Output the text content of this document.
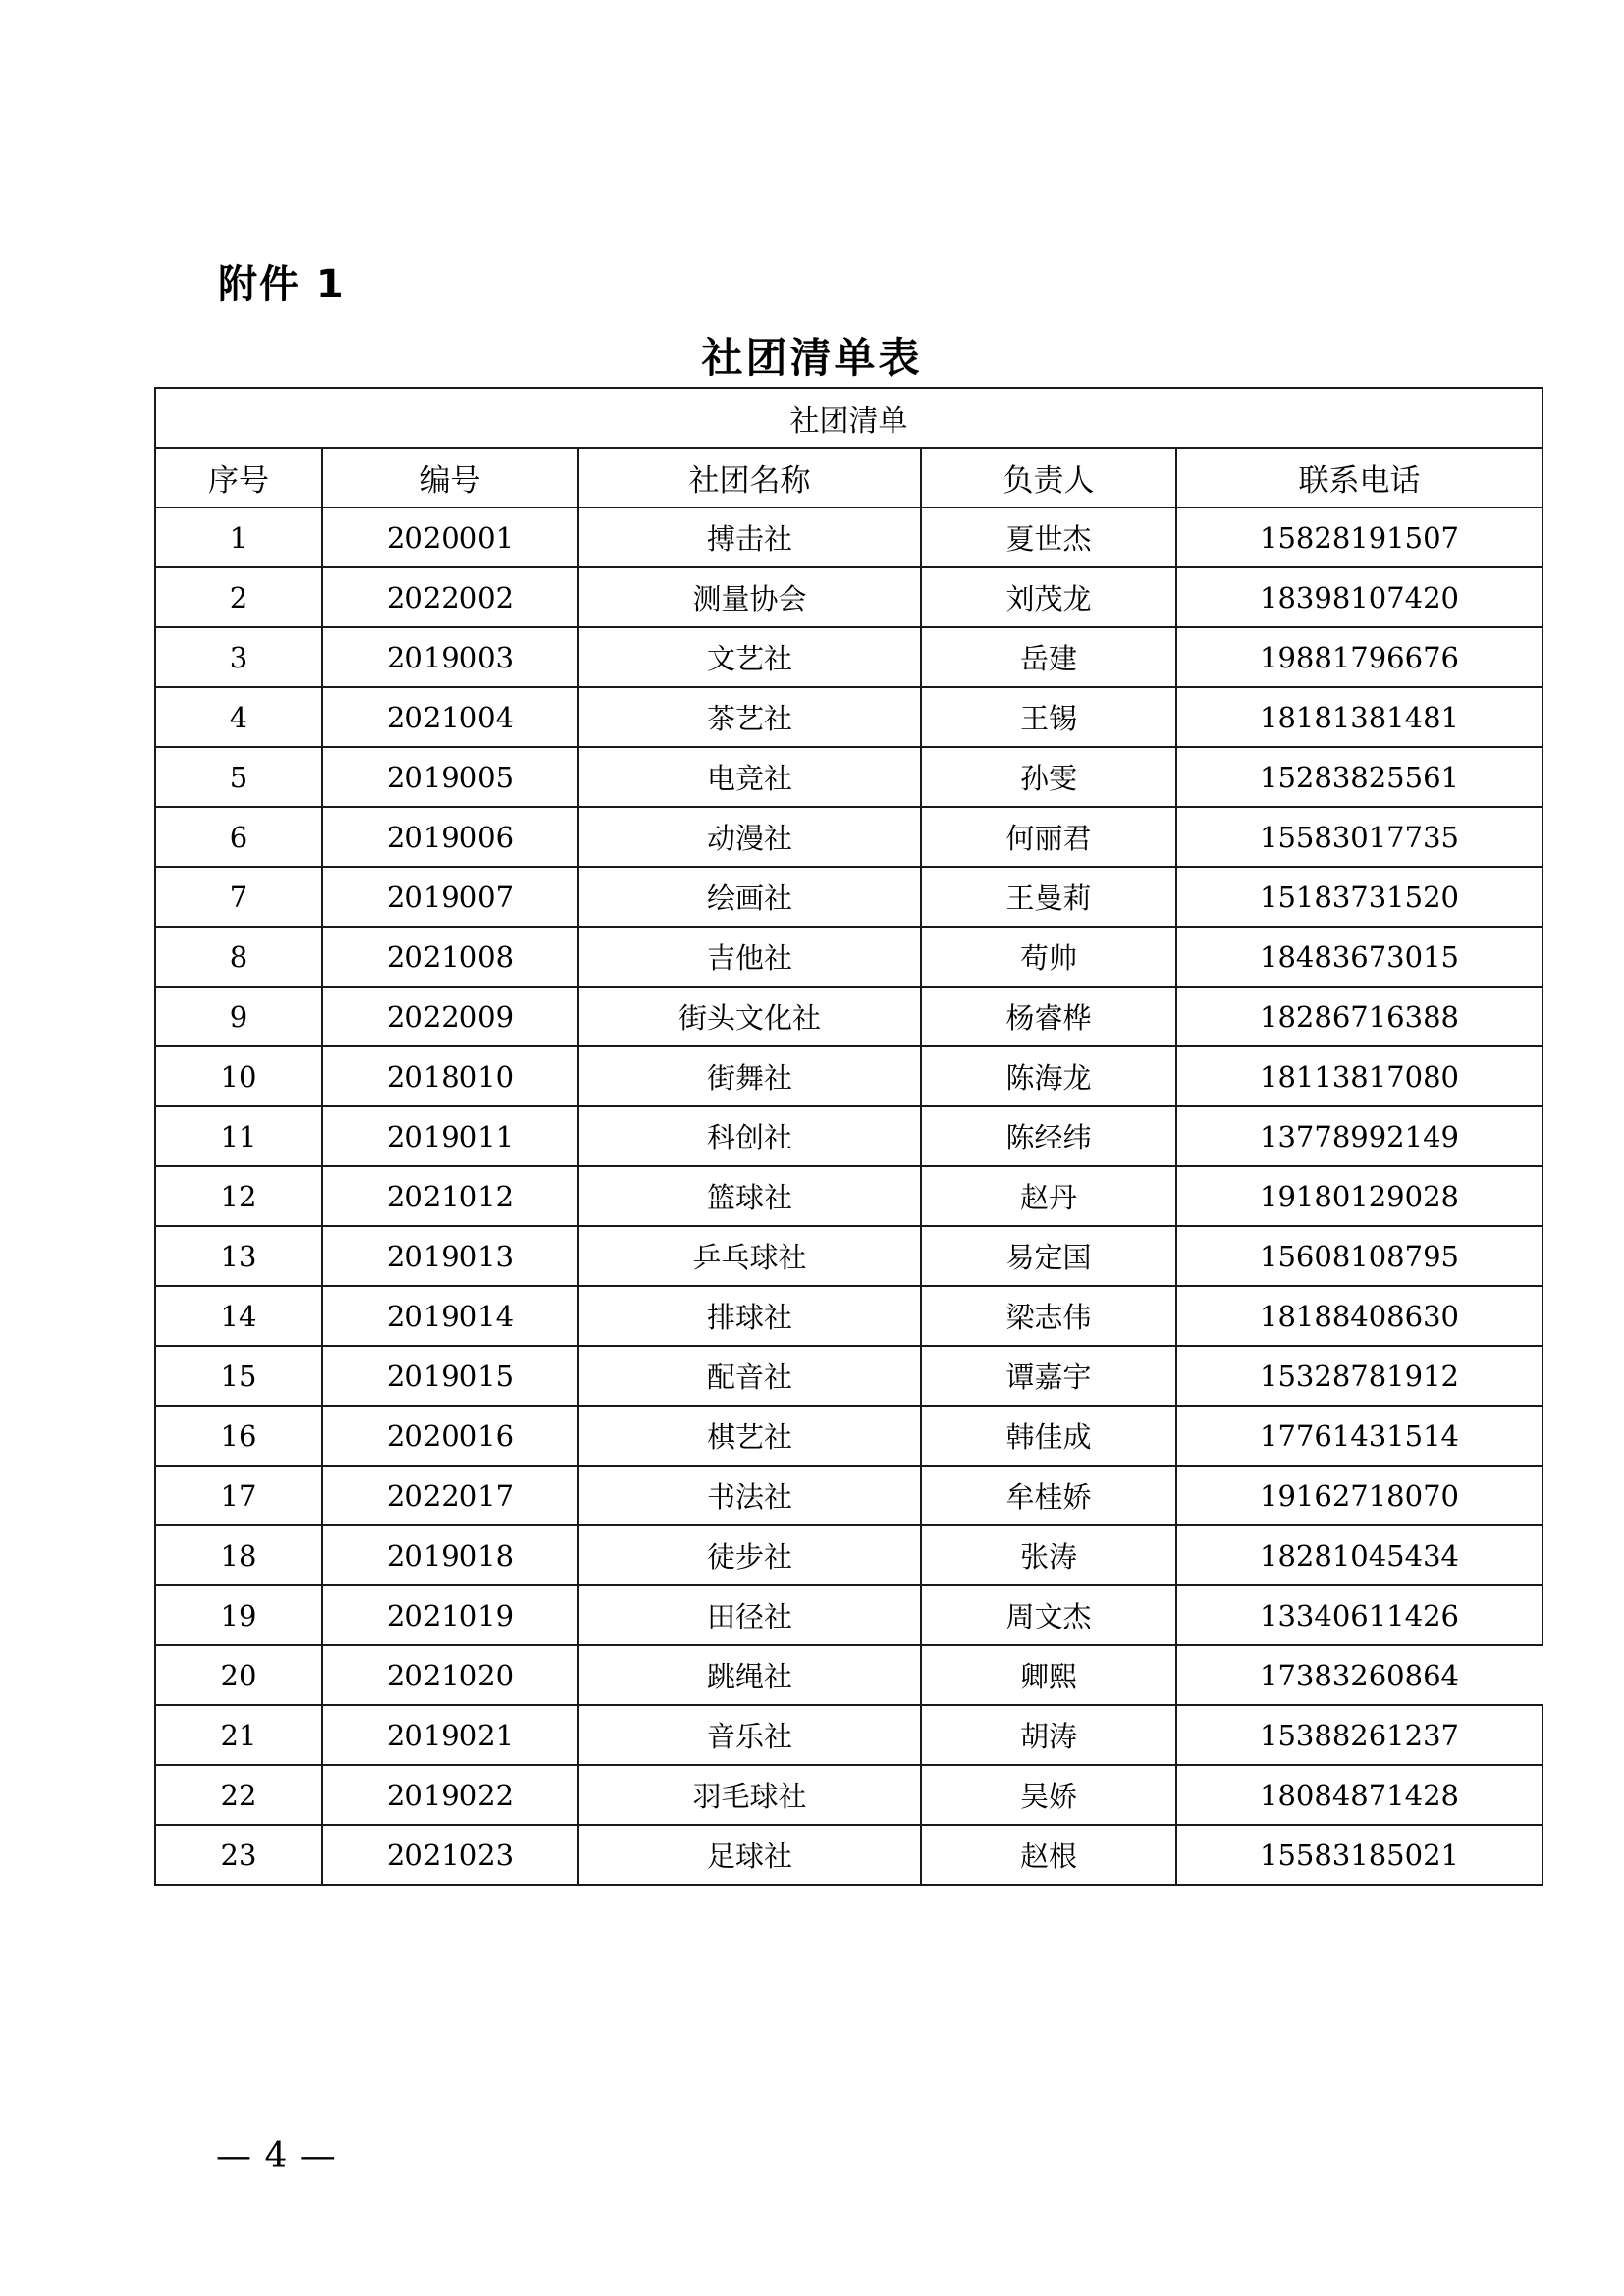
附件 1
社团清单表
社团清单				
序号	编号	社团名称	负责人	联系电话
1	2020001	搏击社	夏世杰	15828191507
2	2022002	测量协会	刘茂龙	18398107420
3	2019003	文艺社	岳建	19881796676
4	2021004	茶艺社	王锡	18181381481
5	2019005	电竞社	孙雯	15283825561
6	2019006	动漫社	何丽君	15583017735
7	2019007	绘画社	王曼莉	15183731520
8	2021008	吉他社	苟帅	18483673015
9	2022009	街头文化社	杨睿桦	18286716388
10	2018010	街舞社	陈海龙	18113817080
11	2019011	科创社	陈经纬	13778992149
12	2021012	篮球社	赵丹	19180129028
13	2019013	乒乓球社	易定国	15608108795
14	2019014	排球社	梁志伟	18188408630
15	2019015	配音社	谭嘉宇	15328781912
16	2020016	棋艺社	韩佳成	17761431514
17	2022017	书法社	牟桂娇	19162718070
18	2019018	徒步社	张涛	18281045434
19	2021019	田径社	周文杰	13340611426
20	2021020	跳绳社	卿熙	17383260864
21	2019021	音乐社	胡涛	15388261237
22	2019022	羽毛球社	吴娇	18084871428
23	2021023	足球社	赵根	15583185021
— 4 —
